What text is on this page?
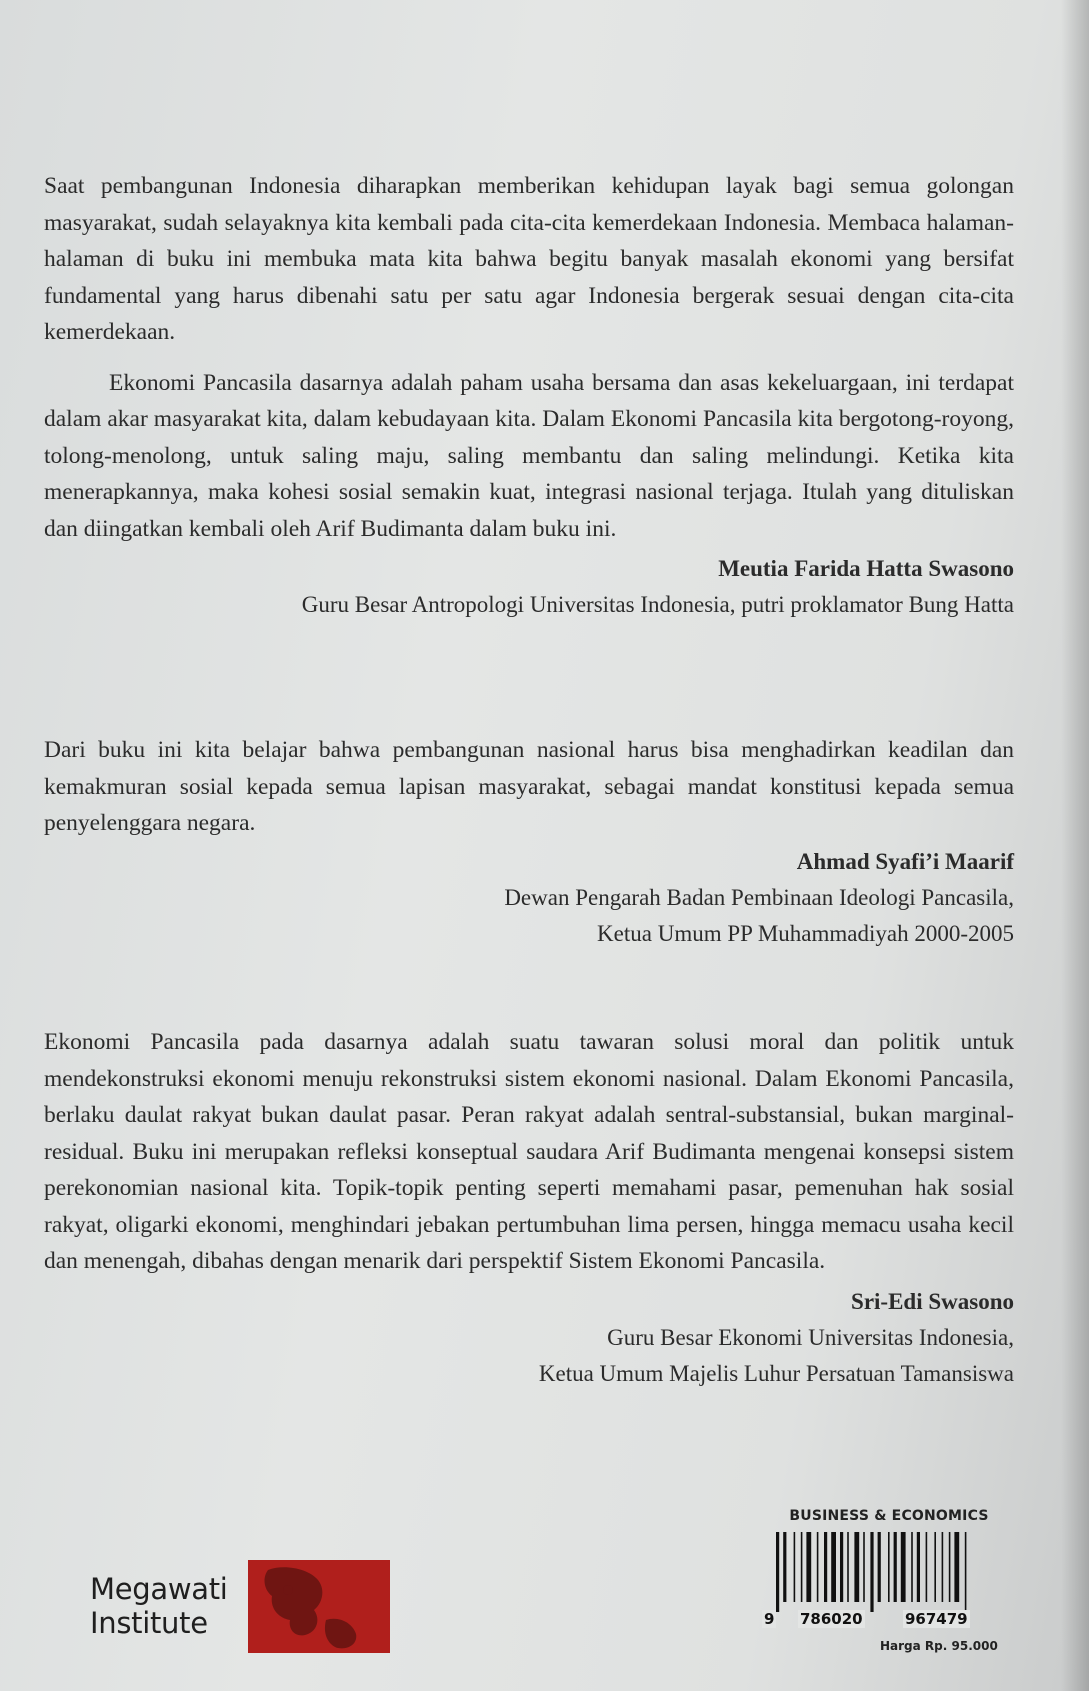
Saat pembangunan Indonesia diharapkan memberikan kehidupan layak bagi semua golongan masyarakat, sudah selayaknya kita kembali pada cita-cita kemerdekaan Indonesia. Membaca halaman-halaman di buku ini membuka mata kita bahwa begitu banyak masalah ekonomi yang bersifat fundamental yang harus dibenahi satu per satu agar Indonesia bergerak sesuai dengan cita-cita kemerdekaan.

Ekonomi Pancasila dasarnya adalah paham usaha bersama dan asas kekeluargaan, ini terdapat dalam akar masyarakat kita, dalam kebudayaan kita. Dalam Ekonomi Pancasila kita bergotong-royong, tolong-menolong, untuk saling maju, saling membantu dan saling melindungi. Ketika kita menerapkannya, maka kohesi sosial semakin kuat, integrasi nasional terjaga. Itulah yang dituliskan dan diingatkan kembali oleh Arif Budimanta dalam buku ini.

Meutia Farida Hatta Swasono
Guru Besar Antropologi Universitas Indonesia, putri proklamator Bung Hatta

Dari buku ini kita belajar bahwa pembangunan nasional harus bisa menghadirkan keadilan dan kemakmuran sosial kepada semua lapisan masyarakat, sebagai mandat konstitusi kepada semua penyelenggara negara.

Ahmad Syafi’i Maarif
Dewan Pengarah Badan Pembinaan Ideologi Pancasila,
Ketua Umum PP Muhammadiyah 2000-2005

Ekonomi Pancasila pada dasarnya adalah suatu tawaran solusi moral dan politik untuk mendekonstruksi ekonomi menuju rekonstruksi sistem ekonomi nasional. Dalam Ekonomi Pancasila, berlaku daulat rakyat bukan daulat pasar. Peran rakyat adalah sentral-substansial, bukan marginal-residual. Buku ini merupakan refleksi konseptual saudara Arif Budimanta mengenai konsepsi sistem perekonomian nasional kita. Topik-topik penting seperti memahami pasar, pemenuhan hak sosial rakyat, oligarki ekonomi, menghindari jebakan pertumbuhan lima persen, hingga memacu usaha kecil dan menengah, dibahas dengan menarik dari perspektif Sistem Ekonomi Pancasila.

Sri-Edi Swasono
Guru Besar Ekonomi Universitas Indonesia,
Ketua Umum Majelis Luhur Persatuan Tamansiswa
Megawati
Institute
BUSINESS & ECONOMICS
9 786020	967479
Harga Rp. 95.000
